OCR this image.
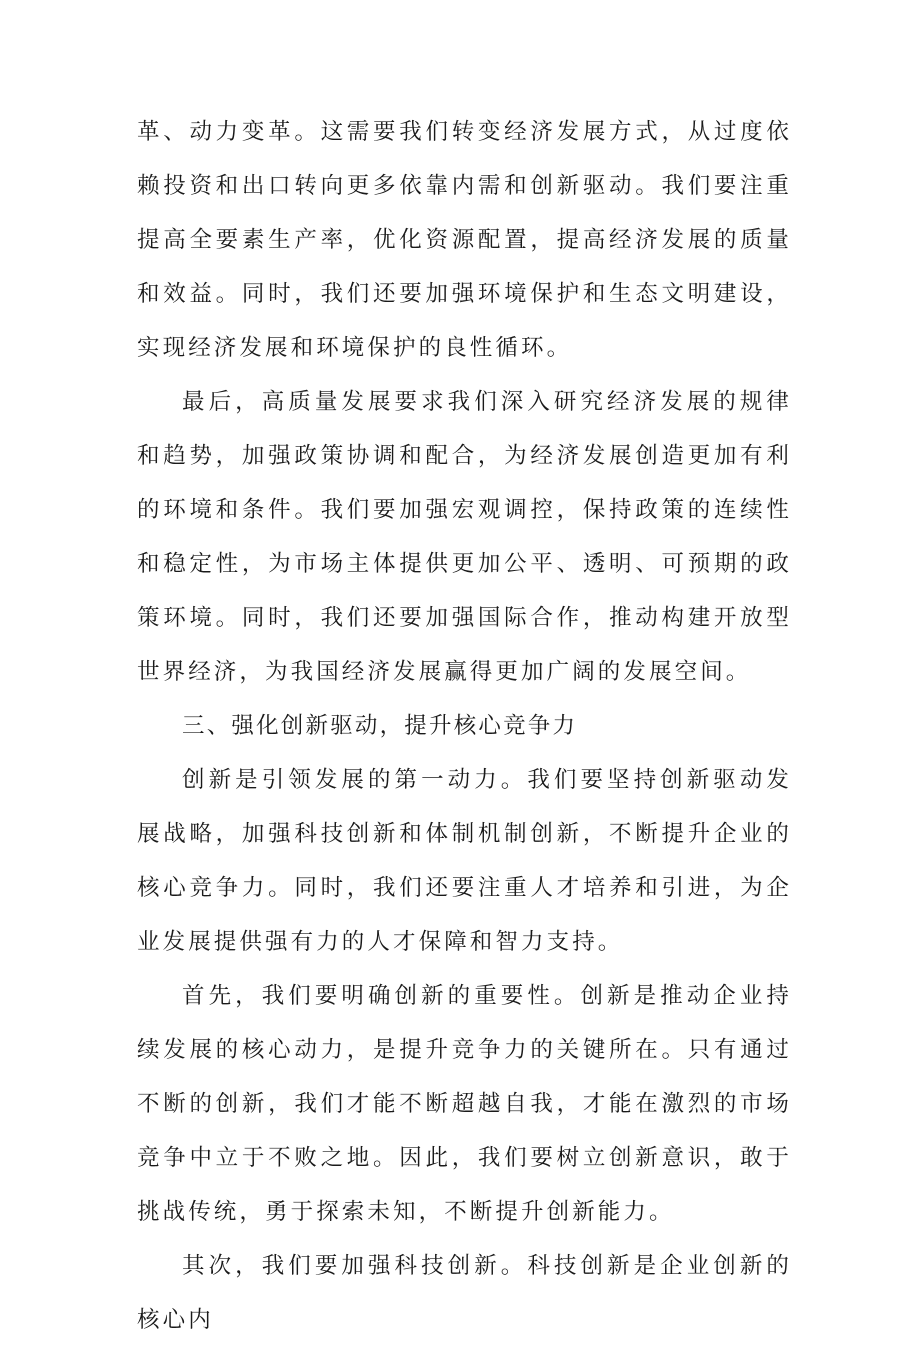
革、动力变革。这需要我们转变经济发展方式，从过度依赖投资和出口转向更多依靠内需和创新驱动。我们要注重提高全要素生产率，优化资源配置，提高经济发展的质量和效益。同时，我们还要加强环境保护和生态文明建设，实现经济发展和环境保护的良性循环。

最后，高质量发展要求我们深入研究经济发展的规律和趋势，加强政策协调和配合，为经济发展创造更加有利的环境和条件。我们要加强宏观调控，保持政策的连续性和稳定性，为市场主体提供更加公平、透明、可预期的政策环境。同时，我们还要加强国际合作，推动构建开放型世界经济，为我国经济发展赢得更加广阔的发展空间。

三、强化创新驱动，提升核心竞争力

创新是引领发展的第一动力。我们要坚持创新驱动发展战略，加强科技创新和体制机制创新，不断提升企业的核心竞争力。同时，我们还要注重人才培养和引进，为企业发展提供强有力的人才保障和智力支持。

首先，我们要明确创新的重要性。创新是推动企业持续发展的核心动力，是提升竞争力的关键所在。只有通过不断的创新，我们才能不断超越自我，才能在激烈的市场竞争中立于不败之地。因此，我们要树立创新意识，敢于挑战传统，勇于探索未知，不断提升创新能力。

其次，我们要加强科技创新。科技创新是企业创新的核心内
